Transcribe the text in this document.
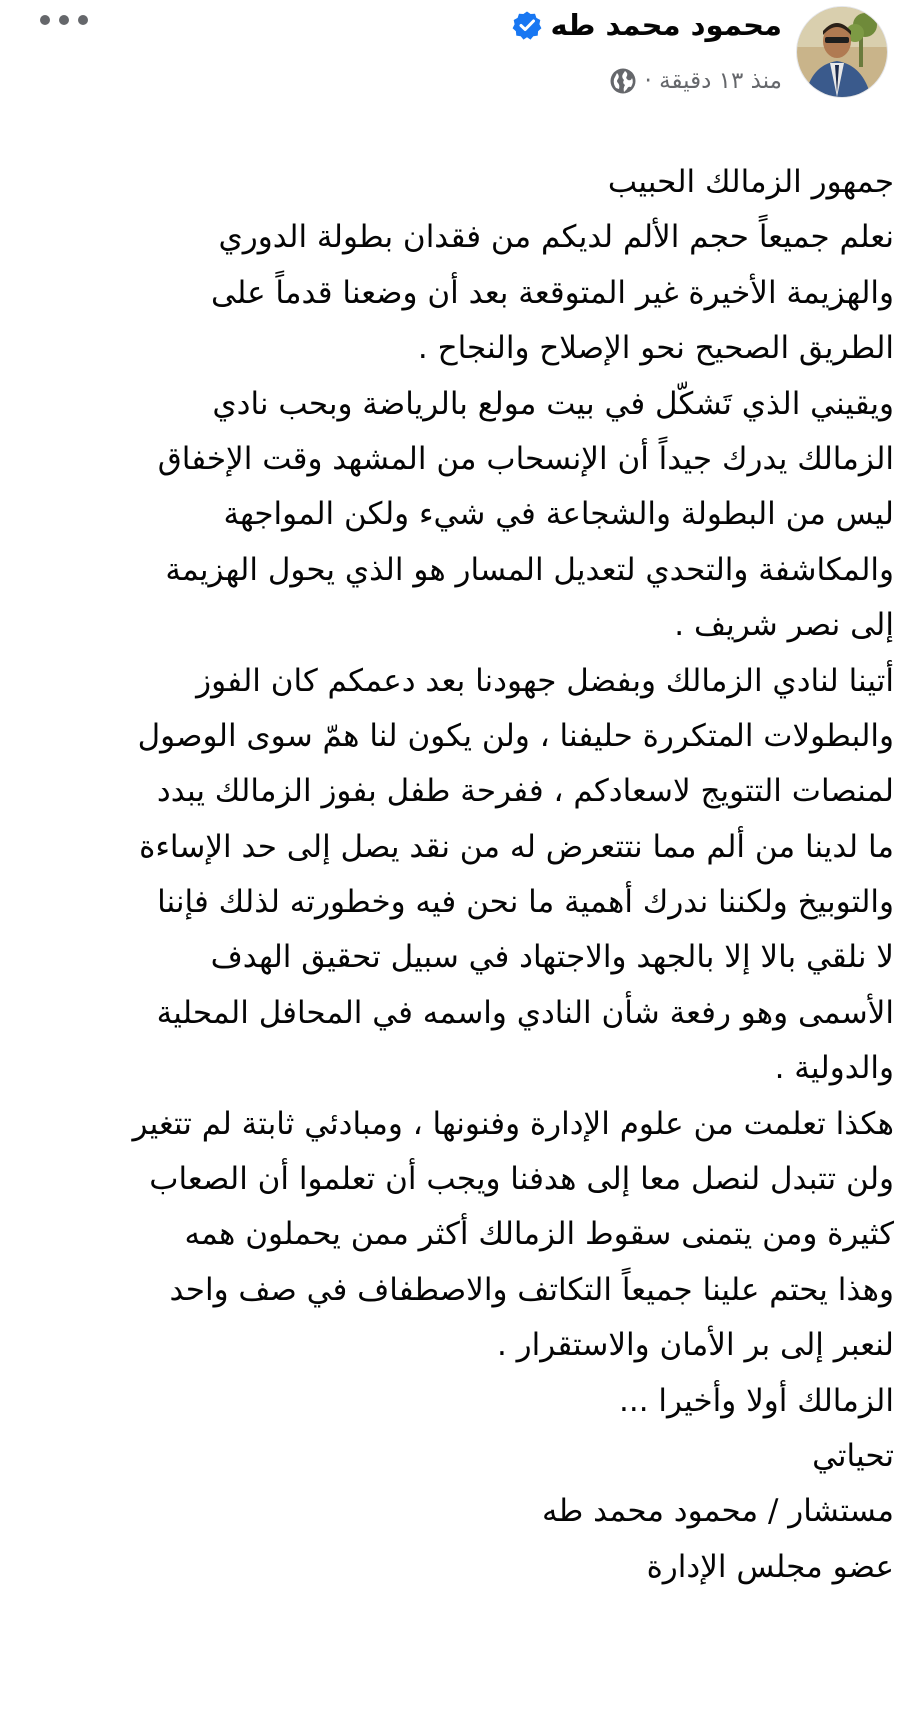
محمود محمد طه
منذ ١٣ دقيقة ·
جمهور الزمالك الحبيب
نعلم جميعاً حجم الألم لديكم من فقدان بطولة الدوري
والهزيمة الأخيرة غير المتوقعة بعد أن وضعنا قدماً على
الطريق الصحيح نحو الإصلاح والنجاح .
ويقيني الذي تَشكّل في بيت مولع بالرياضة وبحب نادي
الزمالك يدرك جيداً أن الإنسحاب من المشهد وقت الإخفاق
ليس من البطولة والشجاعة في شيء ولكن المواجهة
والمكاشفة والتحدي لتعديل المسار هو الذي يحول الهزيمة
إلى نصر شريف .
أتينا لنادي الزمالك وبفضل جهودنا بعد دعمكم كان الفوز
والبطولات المتكررة حليفنا ، ولن يكون لنا همّ سوى الوصول
لمنصات التتويج لاسعادكم ، ففرحة طفل بفوز الزمالك يبدد
ما لدينا من ألم مما نتتعرض له من نقد يصل إلى حد الإساءة
والتوبيخ ولكننا ندرك أهمية ما نحن فيه وخطورته لذلك فإننا
لا نلقي بالا إلا بالجهد والاجتهاد في سبيل تحقيق الهدف
الأسمى وهو رفعة شأن النادي واسمه في المحافل المحلية
والدولية .
هكذا تعلمت من علوم الإدارة وفنونها ، ومبادئي ثابتة لم تتغير
ولن تتبدل لنصل معا إلى هدفنا ويجب أن تعلموا أن الصعاب
كثيرة ومن يتمنى سقوط الزمالك أكثر ممن يحملون همه
وهذا يحتم علينا جميعاً التكاتف والاصطفاف في صف واحد
لنعبر إلى بر الأمان والاستقرار .
الزمالك أولا وأخيرا ...
تحياتي
مستشار / محمود محمد طه
عضو مجلس الإدارة
